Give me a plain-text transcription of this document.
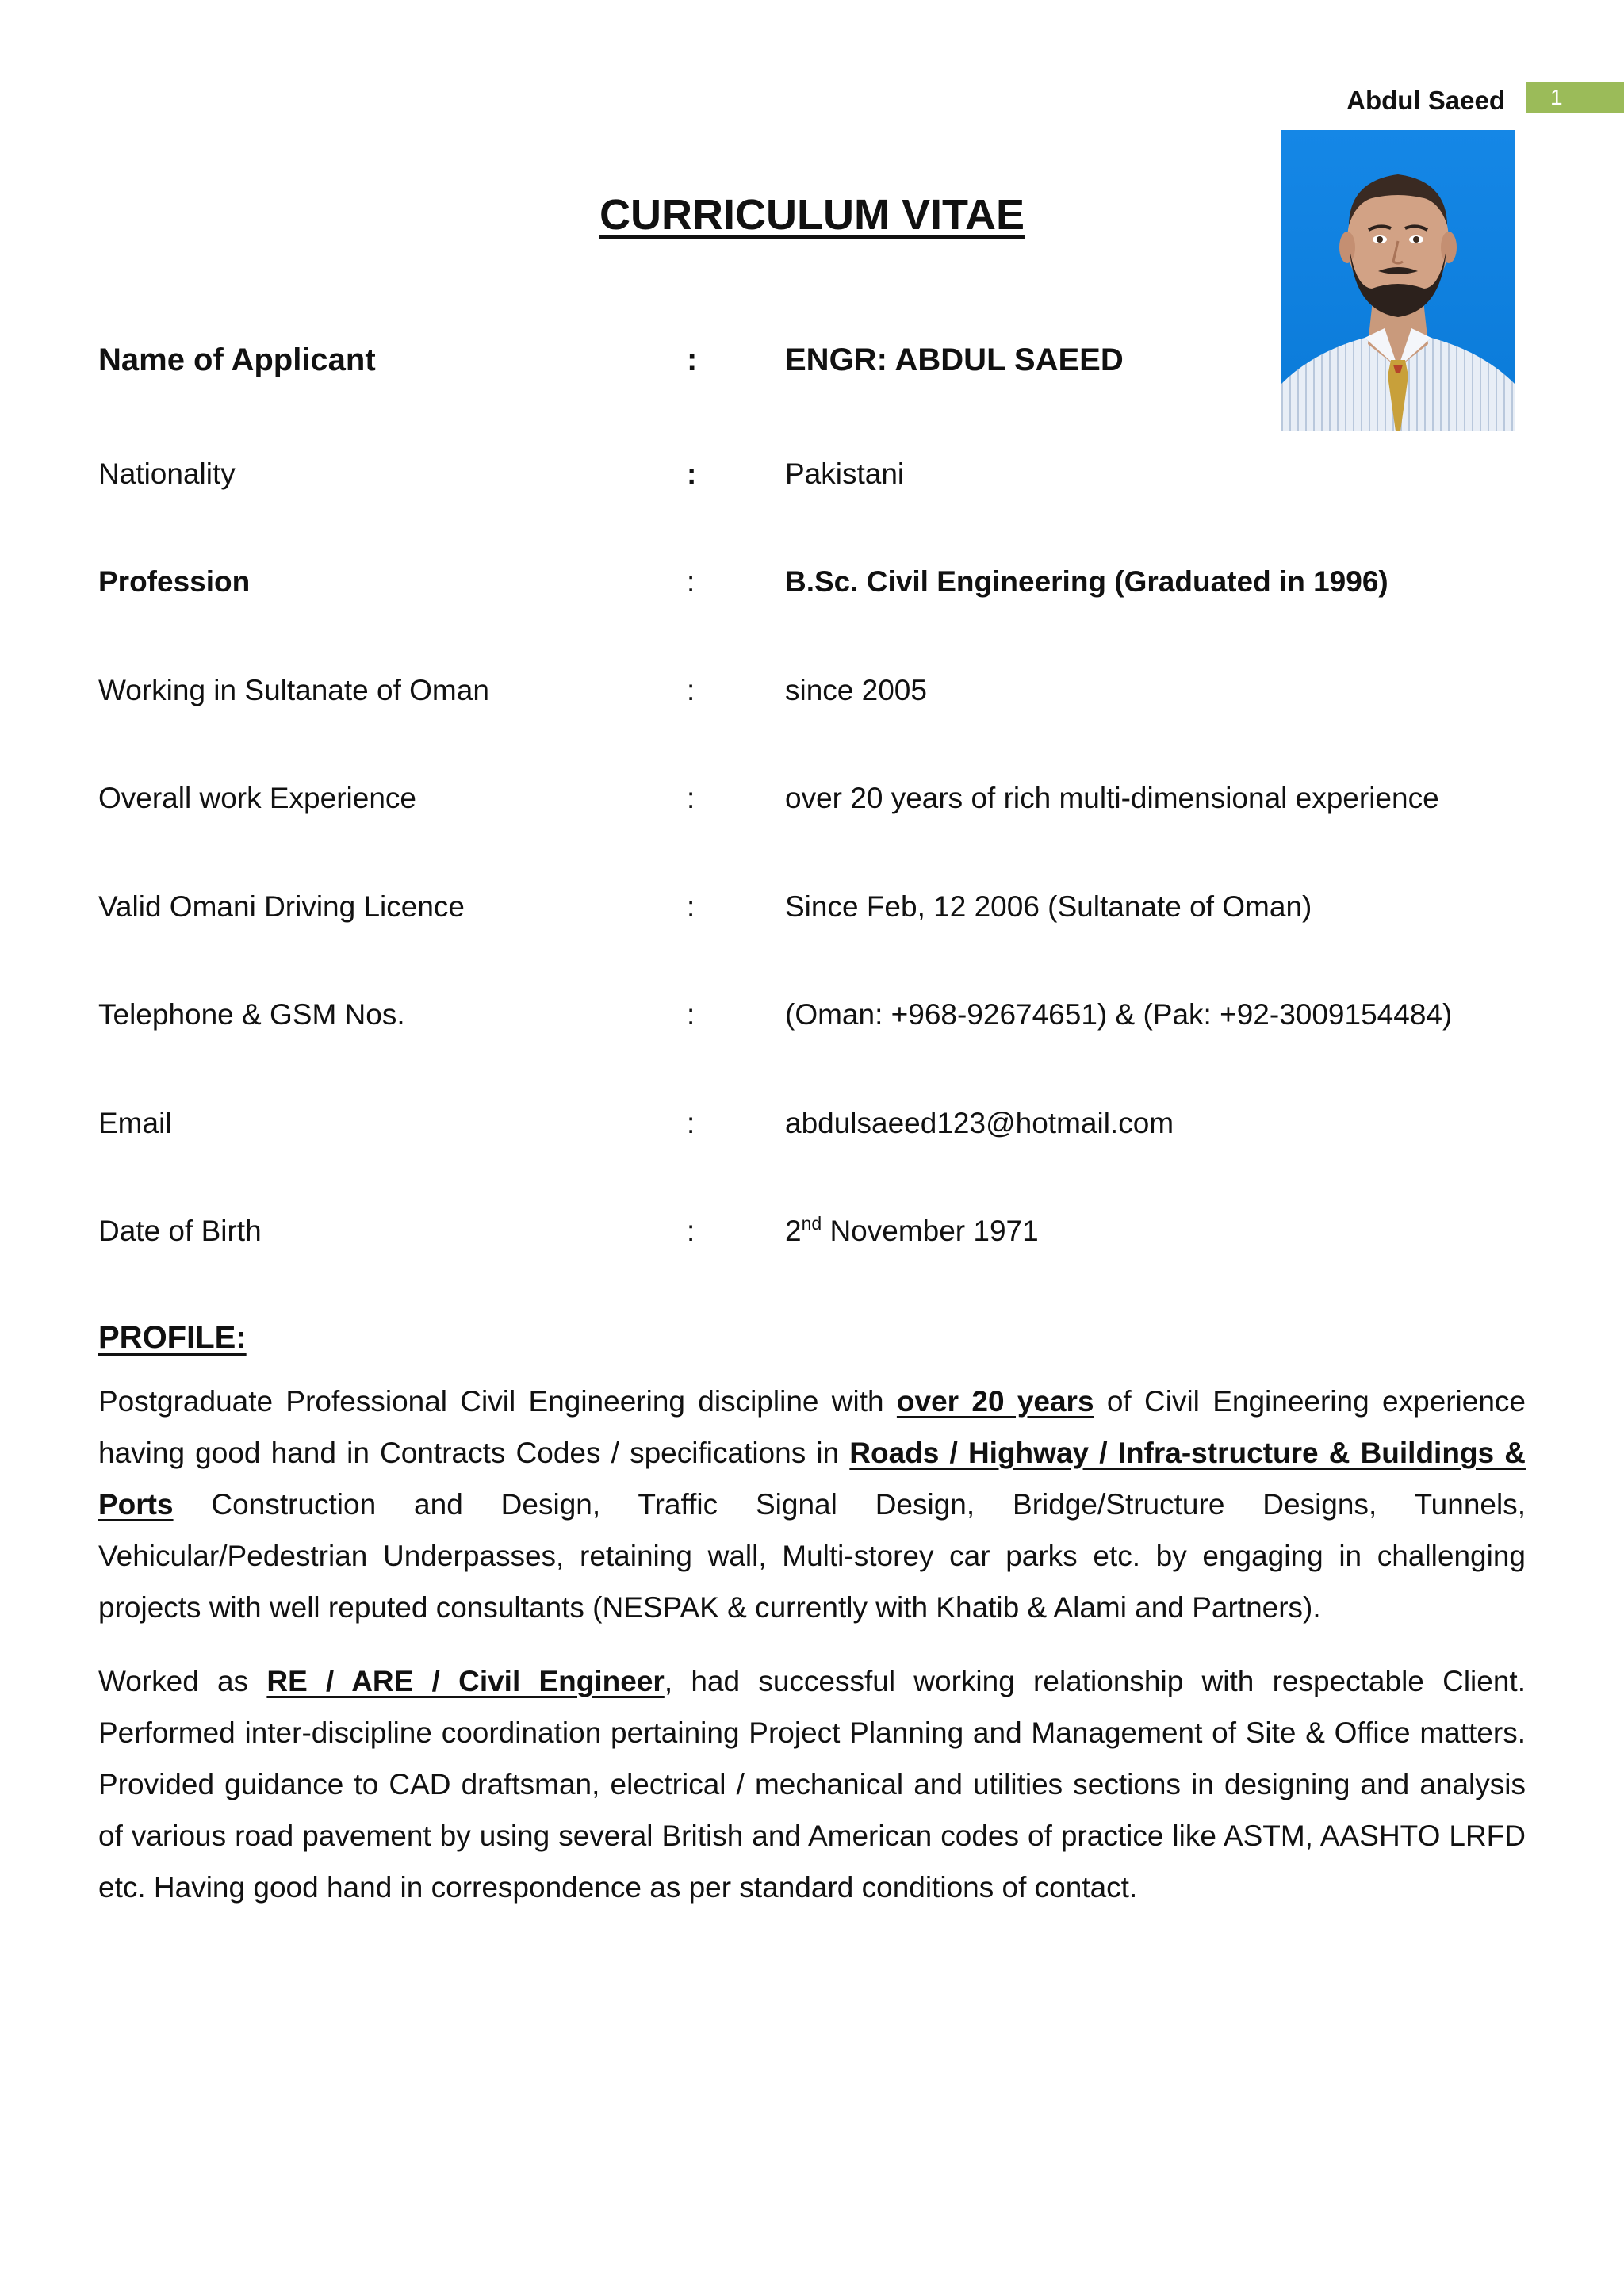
Abdul Saeed	1
CURRICULUM VITAE
Name of Applicant	:	ENGR: ABDUL SAEED
Nationality	:	Pakistani
Profession	:	B.Sc. Civil Engineering (Graduated in 1996)
Working in Sultanate of Oman	:	since 2005
Overall work Experience	:	over 20 years of rich multi-dimensional experience
Valid Omani Driving Licence	:	Since Feb, 12 2006 (Sultanate of Oman)
Telephone & GSM Nos.	:	(Oman: +968-92674651) & (Pak: +92-3009154484)
Email	:	abdulsaeed123@hotmail.com
Date of Birth	:	2nd November 1971
PROFILE:

Postgraduate Professional Civil Engineering discipline with over 20 years of Civil Engineering experience having good hand in Contracts Codes / specifications in Roads / Highway / Infra-structure & Buildings & Ports Construction and Design, Traffic Signal Design, Bridge/Structure Designs, Tunnels, Vehicular/Pedestrian Underpasses, retaining wall, Multi-storey car parks etc. by engaging in challenging projects with well reputed consultants (NESPAK & currently with Khatib & Alami and Partners).

Worked as RE / ARE / Civil Engineer, had successful working relationship with respectable Client. Performed inter-discipline coordination pertaining Project Planning and Management of Site & Office matters. Provided guidance to CAD draftsman, electrical / mechanical and utilities sections in designing and analysis of various road pavement by using several British and American codes of practice like ASTM, AASHTO LRFD etc. Having good hand in correspondence as per standard conditions of contact.
